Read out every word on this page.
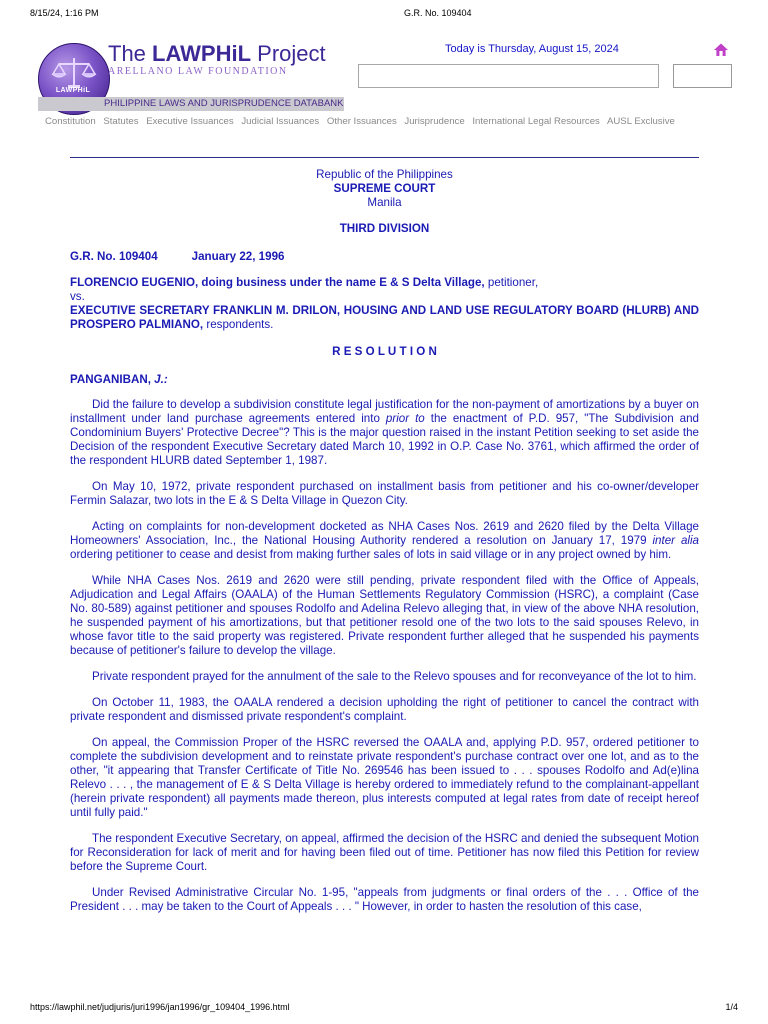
8/15/24, 1:16 PM	G.R. No. 109404
LAWPHiL
PHILIPPINE LAWS AND JURISPRUDENCE DATABANK
The LAWPHiL Project
ARELLANO LAW FOUNDATION
Today is Thursday, August 15, 2024
Constitution Statutes Executive Issuances Judicial Issuances Other Issuances Jurisprudence International Legal Resources AUSL Exclusive
Republic of the Philippines
SUPREME COURT
Manila
THIRD DIVISION
G.R. No. 109404	January 22, 1996
FLORENCIO EUGENIO, doing business under the name E & S Delta Village, petitioner,
vs.
EXECUTIVE SECRETARY FRANKLIN M. DRILON, HOUSING AND LAND USE REGULATORY BOARD (HLURB) AND PROSPERO PALMIANO, respondents.
R E S O L U T I O N
PANGANIBAN, J.:

Did the failure to develop a subdivision constitute legal justification for the non-payment of amortizations by a buyer on installment under land purchase agreements entered into prior to the enactment of P.D. 957, "The Subdivision and Condominium Buyers' Protective Decree"? This is the major question raised in the instant Petition seeking to set aside the Decision of the respondent Executive Secretary dated March 10, 1992 in O.P. Case No. 3761, which affirmed the order of the respondent HLURB dated September 1, 1987.

On May 10, 1972, private respondent purchased on installment basis from petitioner and his co-owner/developer Fermin Salazar, two lots in the E & S Delta Village in Quezon City.

Acting on complaints for non-development docketed as NHA Cases Nos. 2619 and 2620 filed by the Delta Village Homeowners' Association, Inc., the National Housing Authority rendered a resolution on January 17, 1979 inter alia ordering petitioner to cease and desist from making further sales of lots in said village or in any project owned by him.

While NHA Cases Nos. 2619 and 2620 were still pending, private respondent filed with the Office of Appeals, Adjudication and Legal Affairs (OAALA) of the Human Settlements Regulatory Commission (HSRC), a complaint (Case No. 80-589) against petitioner and spouses Rodolfo and Adelina Relevo alleging that, in view of the above NHA resolution, he suspended payment of his amortizations, but that petitioner resold one of the two lots to the said spouses Relevo, in whose favor title to the said property was registered. Private respondent further alleged that he suspended his payments because of petitioner's failure to develop the village.

Private respondent prayed for the annulment of the sale to the Relevo spouses and for reconveyance of the lot to him.

On October 11, 1983, the OAALA rendered a decision upholding the right of petitioner to cancel the contract with private respondent and dismissed private respondent's complaint.

On appeal, the Commission Proper of the HSRC reversed the OAALA and, applying P.D. 957, ordered petitioner to complete the subdivision development and to reinstate private respondent's purchase contract over one lot, and as to the other, "it appearing that Transfer Certificate of Title No. 269546 has been issued to . . . spouses Rodolfo and Ad(e)lina Relevo . . . , the management of E & S Delta Village is hereby ordered to immediately refund to the complainant-appellant (herein private respondent) all payments made thereon, plus interests computed at legal rates from date of receipt hereof until fully paid."

The respondent Executive Secretary, on appeal, affirmed the decision of the HSRC and denied the subsequent Motion for Reconsideration for lack of merit and for having been filed out of time. Petitioner has now filed this Petition for review before the Supreme Court.

Under Revised Administrative Circular No. 1-95, "appeals from judgments or final orders of the . . . Office of the President . . . may be taken to the Court of Appeals . . . " However, in order to hasten the resolution of this case,

https://lawphil.net/judjuris/juri1996/jan1996/gr_109404_1996.html	1/4
